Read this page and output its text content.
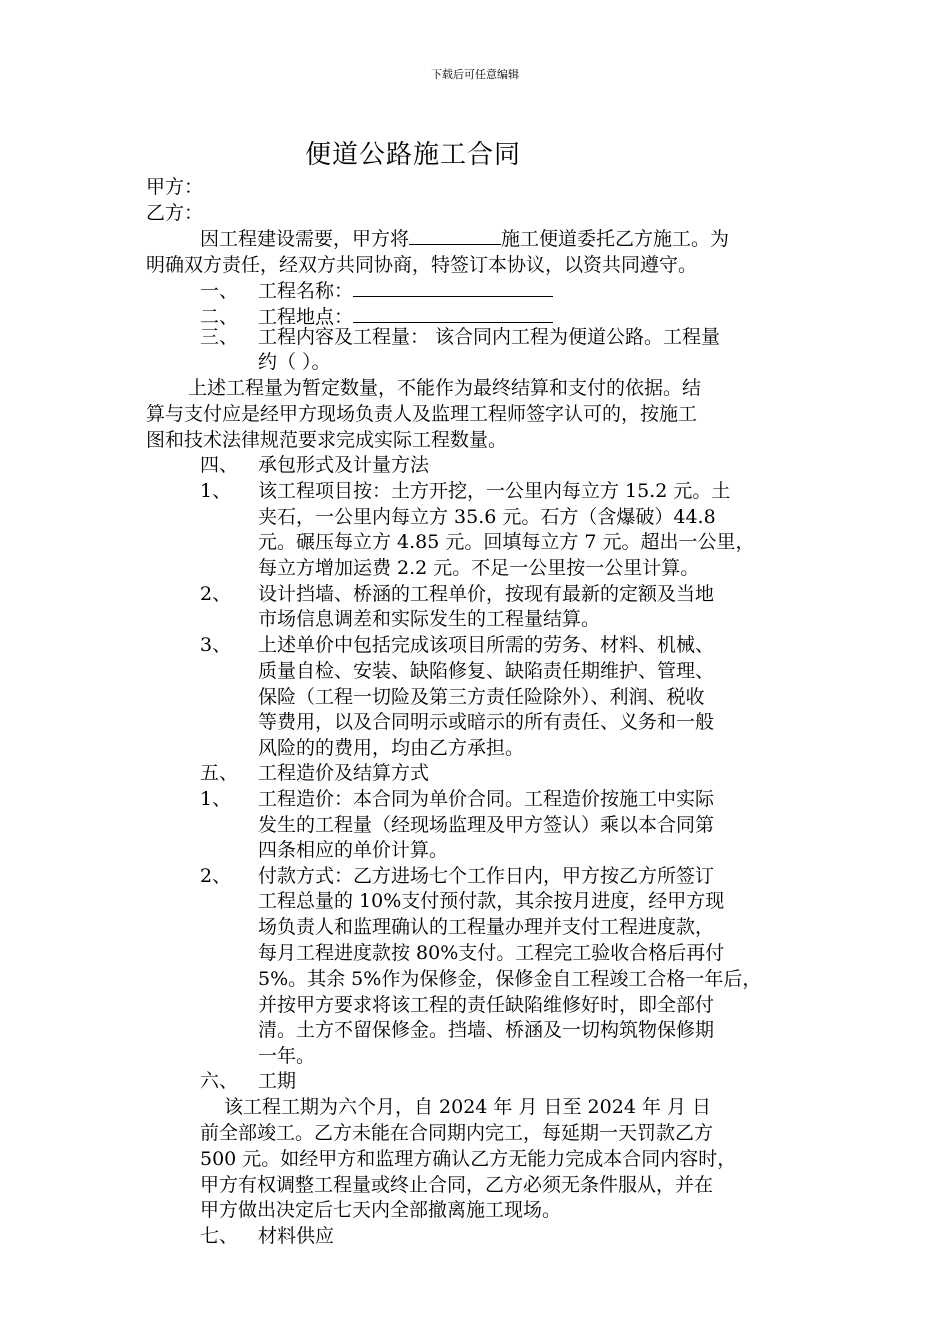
下载后可任意编辑
便道公路施工合同
甲方：
乙方：
因工程建设需要，甲方将	施工便道委托乙方施工。为
明确双方责任，经双方共同协商，特签订本协议，以资共同遵守。
一、 工程名称：
二、 工程地点：
三、 工程内容及工程量： 该合同内工程为便道公路。工程量
约（ ）。
上述工程量为暂定数量，不能作为最终结算和支付的依据。结
算与支付应是经甲方现场负责人及监理工程师签字认可的，按施工
图和技术法律规范要求完成实际工程数量。
四、 承包形式及计量方法
1、 该工程项目按：土方开挖，一公里内每立方 15.2 元。土
夹石，一公里内每立方 35.6 元。石方（含爆破）44.8
元。碾压每立方 4.85 元。回填每立方 7 元。超出一公里，
每立方增加运费 2.2 元。不足一公里按一公里计算。
2、 设计挡墙、桥涵的工程单价，按现有最新的定额及当地
市场信息调差和实际发生的工程量结算。
3、 上述单价中包括完成该项目所需的劳务、材料、机械、
质量自检、安装、缺陷修复、缺陷责任期维护、管理、
保险（工程一切险及第三方责任险除外）、利润、税收
等费用，以及合同明示或暗示的所有责任、义务和一般
风险的的费用，均由乙方承担。
五、 工程造价及结算方式
1、 工程造价：本合同为单价合同。工程造价按施工中实际
发生的工程量（经现场监理及甲方签认）乘以本合同第
四条相应的单价计算。
2、 付款方式：乙方进场七个工作日内，甲方按乙方所签订
工程总量的 10%支付预付款，其余按月进度，经甲方现
场负责人和监理确认的工程量办理并支付工程进度款，
每月工程进度款按 80%支付。工程完工验收合格后再付
5%。其余 5%作为保修金，保修金自工程竣工合格一年后，
并按甲方要求将该工程的责任缺陷维修好时，即全部付
清。土方不留保修金。挡墙、桥涵及一切构筑物保修期
一年。
六、 工期
该工程工期为六个月，自 2024 年 月 日至 2024 年 月 日
前全部竣工。乙方未能在合同期内完工，每延期一天罚款乙方
500 元。如经甲方和监理方确认乙方无能力完成本合同内容时，
甲方有权调整工程量或终止合同，乙方必须无条件服从，并在
甲方做出决定后七天内全部撤离施工现场。
七、 材料供应
